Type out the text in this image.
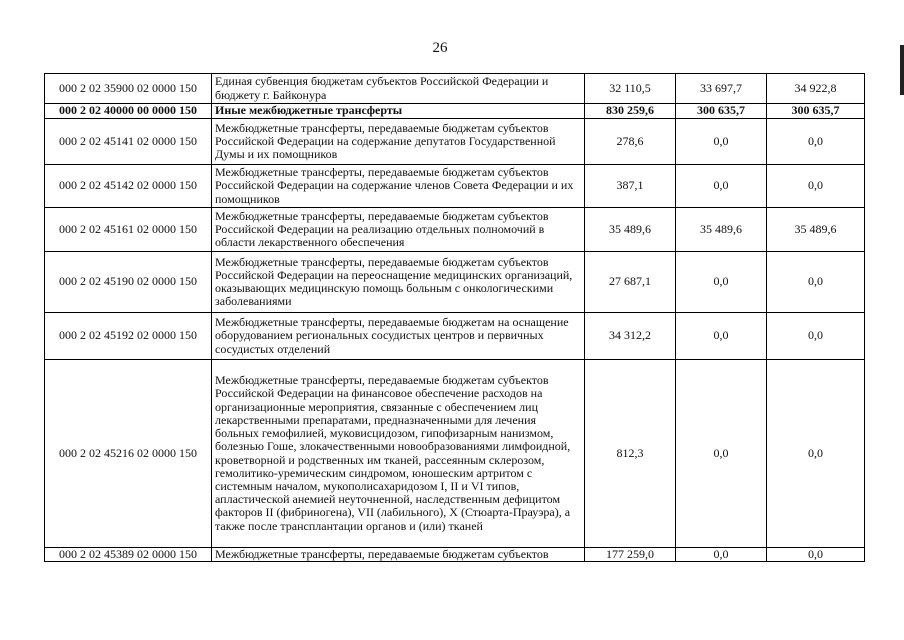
26
000 2 02 35900 02 0000 150	Единая субвенция бюджетам субъектов Российской Федерации и бюджету г. Байконура	32 110,5	33 697,7	34 922,8
000 2 02 40000 00 0000 150	Иные межбюджетные трансферты	830 259,6	300 635,7	300 635,7
000 2 02 45141 02 0000 150	Межбюджетные трансферты, передаваемые бюджетам субъектов Российской Федерации на содержание депутатов Государственной Думы и их помощников	278,6	0,0	0,0
000 2 02 45142 02 0000 150	Межбюджетные трансферты, передаваемые бюджетам субъектов Российской Федерации на содержание членов Совета Федерации и их помощников	387,1	0,0	0,0
000 2 02 45161 02 0000 150	Межбюджетные трансферты, передаваемые бюджетам субъектов Российской Федерации на реализацию отдельных полномочий в области лекарственного обеспечения	35 489,6	35 489,6	35 489,6
000 2 02 45190 02 0000 150	Межбюджетные трансферты, передаваемые бюджетам субъектов Российской Федерации на переоснащение медицинских организаций, оказывающих медицинскую помощь больным с онкологическими заболеваниями	27 687,1	0,0	0,0
000 2 02 45192 02 0000 150	Межбюджетные трансферты, передаваемые бюджетам на оснащение оборудованием региональных сосудистых центров и первичных сосудистых отделений	34 312,2	0,0	0,0
000 2 02 45216 02 0000 150	Межбюджетные трансферты, передаваемые бюджетам субъектов Российской Федерации на финансовое обеспечение расходов на организационные мероприятия, связанные с обеспечением лиц лекарственными препаратами, предназначенными для лечения больных гемофилией, муковисцидозом, гипофизарным нанизмом, болезнью Гоше, злокачественными новообразованиями лимфоидной, кроветворной и родственных им тканей, рассеянным склерозом, гемолитико-уремическим синдромом, юношеским артритом с системным началом, мукополисахаридозом I, II и VI типов, апластической анемией неуточненной, наследственным дефицитом факторов II (фибриногена), VII (лабильного), X (Стюарта-Прауэра), а также после трансплантации органов и (или) тканей	812,3	0,0	0,0
000 2 02 45389 02 0000 150	Межбюджетные трансферты, передаваемые бюджетам субъектов	177 259,0	0,0	0,0
